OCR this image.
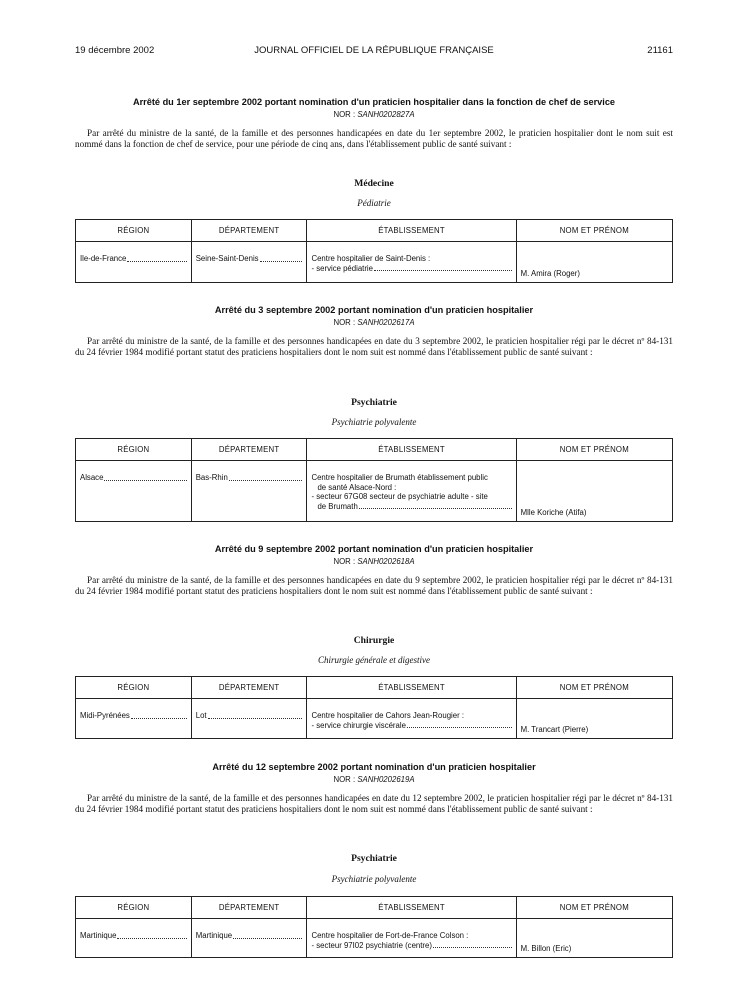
19 décembre 2002	JOURNAL OFFICIEL DE LA RÉPUBLIQUE FRANÇAISE	21161
Arrêté du 1er septembre 2002 portant nomination d'un praticien hospitalier dans la fonction de chef de service
NOR : SANH0202827A
Par arrêté du ministre de la santé, de la famille et des personnes handicapées en date du 1er septembre 2002, le praticien hospitalier dont le nom suit est nommé dans la fonction de chef de service, pour une période de cinq ans, dans l'établissement public de santé suivant :
Médecine
Pédiatrie
RÉGION	DÉPARTEMENT	ÉTABLISSEMENT	NOM ET PRÉNOM

Ile-de-France	Seine-Saint-Denis	Centre hospitalier de Saint-Denis :
- service pédiatrie	M. Amira (Roger)
Arrêté du 3 septembre 2002 portant nomination d'un praticien hospitalier
NOR : SANH0202617A
Par arrêté du ministre de la santé, de la famille et des personnes handicapées en date du 3 septembre 2002, le praticien hospitalier régi par le décret nº 84-131 du 24 février 1984 modifié portant statut des praticiens hospitaliers dont le nom suit est nommé dans l'établissement public de santé suivant :
Psychiatrie
Psychiatrie polyvalente
RÉGION	DÉPARTEMENT	ÉTABLISSEMENT	NOM ET PRÉNOM

Alsace	Bas-Rhin	Centre hospitalier de Brumath établissement public
de santé Alsace-Nord :
- secteur 67G08 secteur de psychiatrie adulte - site
de Brumath	Mlle Koriche (Atifa)
Arrêté du 9 septembre 2002 portant nomination d'un praticien hospitalier
NOR : SANH0202618A
Par arrêté du ministre de la santé, de la famille et des personnes handicapées en date du 9 septembre 2002, le praticien hospitalier régi par le décret nº 84-131 du 24 février 1984 modifié portant statut des praticiens hospitaliers dont le nom suit est nommé dans l'établissement public de santé suivant :
Chirurgie
Chirurgie générale et digestive
RÉGION	DÉPARTEMENT	ÉTABLISSEMENT	NOM ET PRÉNOM

Midi-Pyrénées	Lot	Centre hospitalier de Cahors Jean-Rougier :
- service chirurgie viscérale	M. Trancart (Pierre)
Arrêté du 12 septembre 2002 portant nomination d'un praticien hospitalier
NOR : SANH0202619A
Par arrêté du ministre de la santé, de la famille et des personnes handicapées en date du 12 septembre 2002, le praticien hospitalier régi par le décret nº 84-131 du 24 février 1984 modifié portant statut des praticiens hospitaliers dont le nom suit est nommé dans l'établissement public de santé suivant :
Psychiatrie
Psychiatrie polyvalente
RÉGION	DÉPARTEMENT	ÉTABLISSEMENT	NOM ET PRÉNOM

Martinique	Martinique	Centre hospitalier de Fort-de-France Colson :
- secteur 97I02 psychiatrie (centre)	M. Billon (Eric)
